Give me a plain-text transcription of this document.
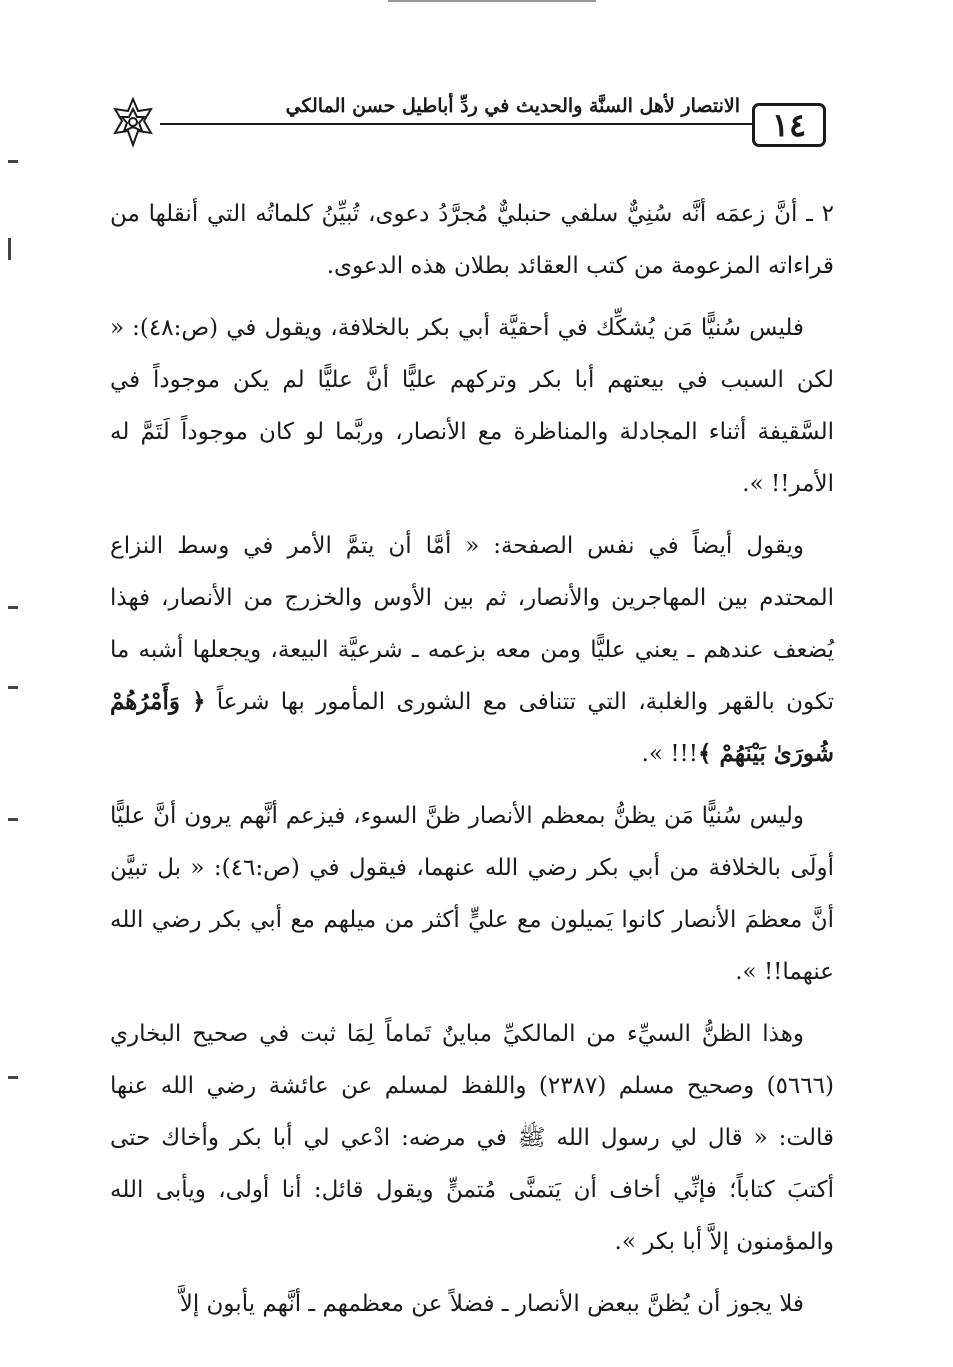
الانتصار لأهل السنَّة والحديث في ردِّ أباطيل حسن المالكي ١٤

٢ ـ أنَّ زعمَه أنَّه سُنِيٌّ سلفي حنبليٌّ مُجرَّدُ دعوى، تُبيِّنُ كلماتُه التي أنقلها من قراءاته المزعومة من كتب العقائد بطلان هذه الدعوى.

فليس سُنيًّا مَن يُشكِّك في أحقيَّة أبي بكر بالخلافة، ويقول في (ص:٤٨): « لكن السبب في بيعتهم أبا بكر وتركهم عليًّا أنَّ عليًّا لم يكن موجوداً في السَّقيفة أثناء المجادلة والمناظرة مع الأنصار، وربَّما لو كان موجوداً لَتَمَّ له الأمر!! ».

ويقول أيضاً في نفس الصفحة: « أمَّا أن يتمَّ الأمر في وسط النزاع المحتدم بين المهاجرين والأنصار، ثم بين الأوس والخزرج من الأنصار، فهذا يُضعف عندهم ـ يعني عليًّا ومن معه بزعمه ـ شرعيَّة البيعة، ويجعلها أشبه ما تكون بالقهر والغلبة، التي تتنافى مع الشورى المأمور بها شرعاً ﴿ وَأَمْرُهُمْ شُورَىٰ بَيْنَهُمْ ﴾!!! ».

وليس سُنيًّا مَن يظنُّ بمعظم الأنصار ظنَّ السوء، فيزعم أنَّهم يرون أنَّ عليًّا أولَى بالخلافة من أبي بكر رضي الله عنهما، فيقول في (ص:٤٦): « بل تبيَّن أنَّ معظمَ الأنصار كانوا يَميلون مع عليٍّ أكثر من ميلهم مع أبي بكر رضي الله عنهما!! ».

وهذا الظنُّ السيِّء من المالكيِّ مباينٌ تَماماً لِمَا ثبت في صحيح البخاري (٥٦٦٦) وصحيح مسلم (٢٣٨٧) واللفظ لمسلم عن عائشة رضي الله عنها قالت: « قال لي رسول الله ﷺ في مرضه: ادْعي لي أبا بكر وأخاك حتى أكتبَ كتاباً؛ فإنِّي أخاف أن يَتمنَّى مُتمنٍّ ويقول قائل: أنا أولى، ويأبى الله والمؤمنون إلاَّ أبا بكر ».

فلا يجوز أن يُظنَّ ببعض الأنصار ـ فضلاً عن معظمهم ـ أنَّهم يأبون إلاَّ
